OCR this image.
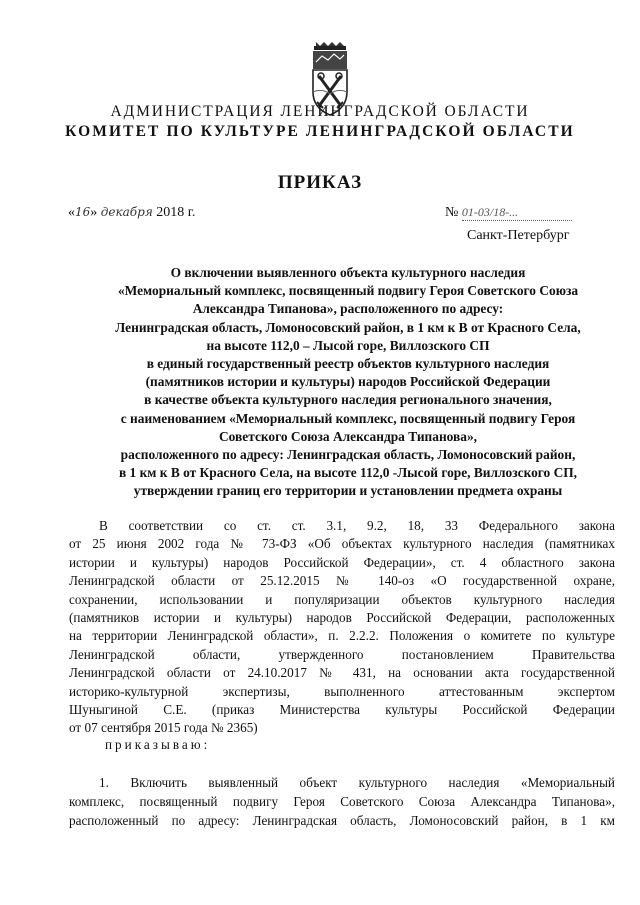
АДМИНИСТРАЦИЯ ЛЕНИНГРАДСКОЙ ОБЛАСТИ
КОМИТЕТ ПО КУЛЬТУРЕ ЛЕНИНГРАДСКОЙ ОБЛАСТИ
ПРИКАЗ
«16» декабря 2018 г.	№ 01-03/18-...
Санкт-Петербург
О включении выявленного объекта культурного наследия
«Мемориальный комплекс, посвященный подвигу Героя Советского Союза
Александра Типанова», расположенного по адресу:
Ленинградская область, Ломоносовский район, в 1 км к В от Красного Села,
на высоте 112,0 – Лысой горе, Виллозского СП
в единый государственный реестр объектов культурного наследия
(памятников истории и культуры) народов Российской Федерации
в качестве объекта культурного наследия регионального значения,
с наименованием «Мемориальный комплекс, посвященный подвигу Героя
Советского Союза Александра Типанова»,
расположенного по адресу: Ленинградская область, Ломоносовский район,
в 1 км к В от Красного Села, на высоте 112,0 -Лысой горе, Виллозского СП,
утверждении границ его территории и установлении предмета охраны
В соответствии со ст. ст. 3.1, 9.2, 18, 33 Федерального закона
от 25 июня 2002 года № 73-ФЗ «Об объектах культурного наследия (памятниках
истории и культуры) народов Российской Федерации», ст. 4 областного закона
Ленинградской области от 25.12.2015 № 140-оз «О государственной охране,
сохранении, использовании и популяризации объектов культурного наследия
(памятников истории и культуры) народов Российской Федерации, расположенных
на территории Ленинградской области», п. 2.2.2. Положения о комитете по культуре
Ленинградской области, утвержденного постановлением Правительства
Ленинградской области от 24.10.2017 № 431, на основании акта государственной
историко-культурной экспертизы, выполненного аттестованным экспертом
Шуныгиной С.Е. (приказ Министерства культуры Российской Федерации
от 07 сентября 2015 года № 2365)
приказываю:
1. Включить выявленный объект культурного наследия «Мемориальный
комплекс, посвященный подвигу Героя Советского Союза Александра Типанова»,
расположенный по адресу: Ленинградская область, Ломоносовский район, в 1 км
